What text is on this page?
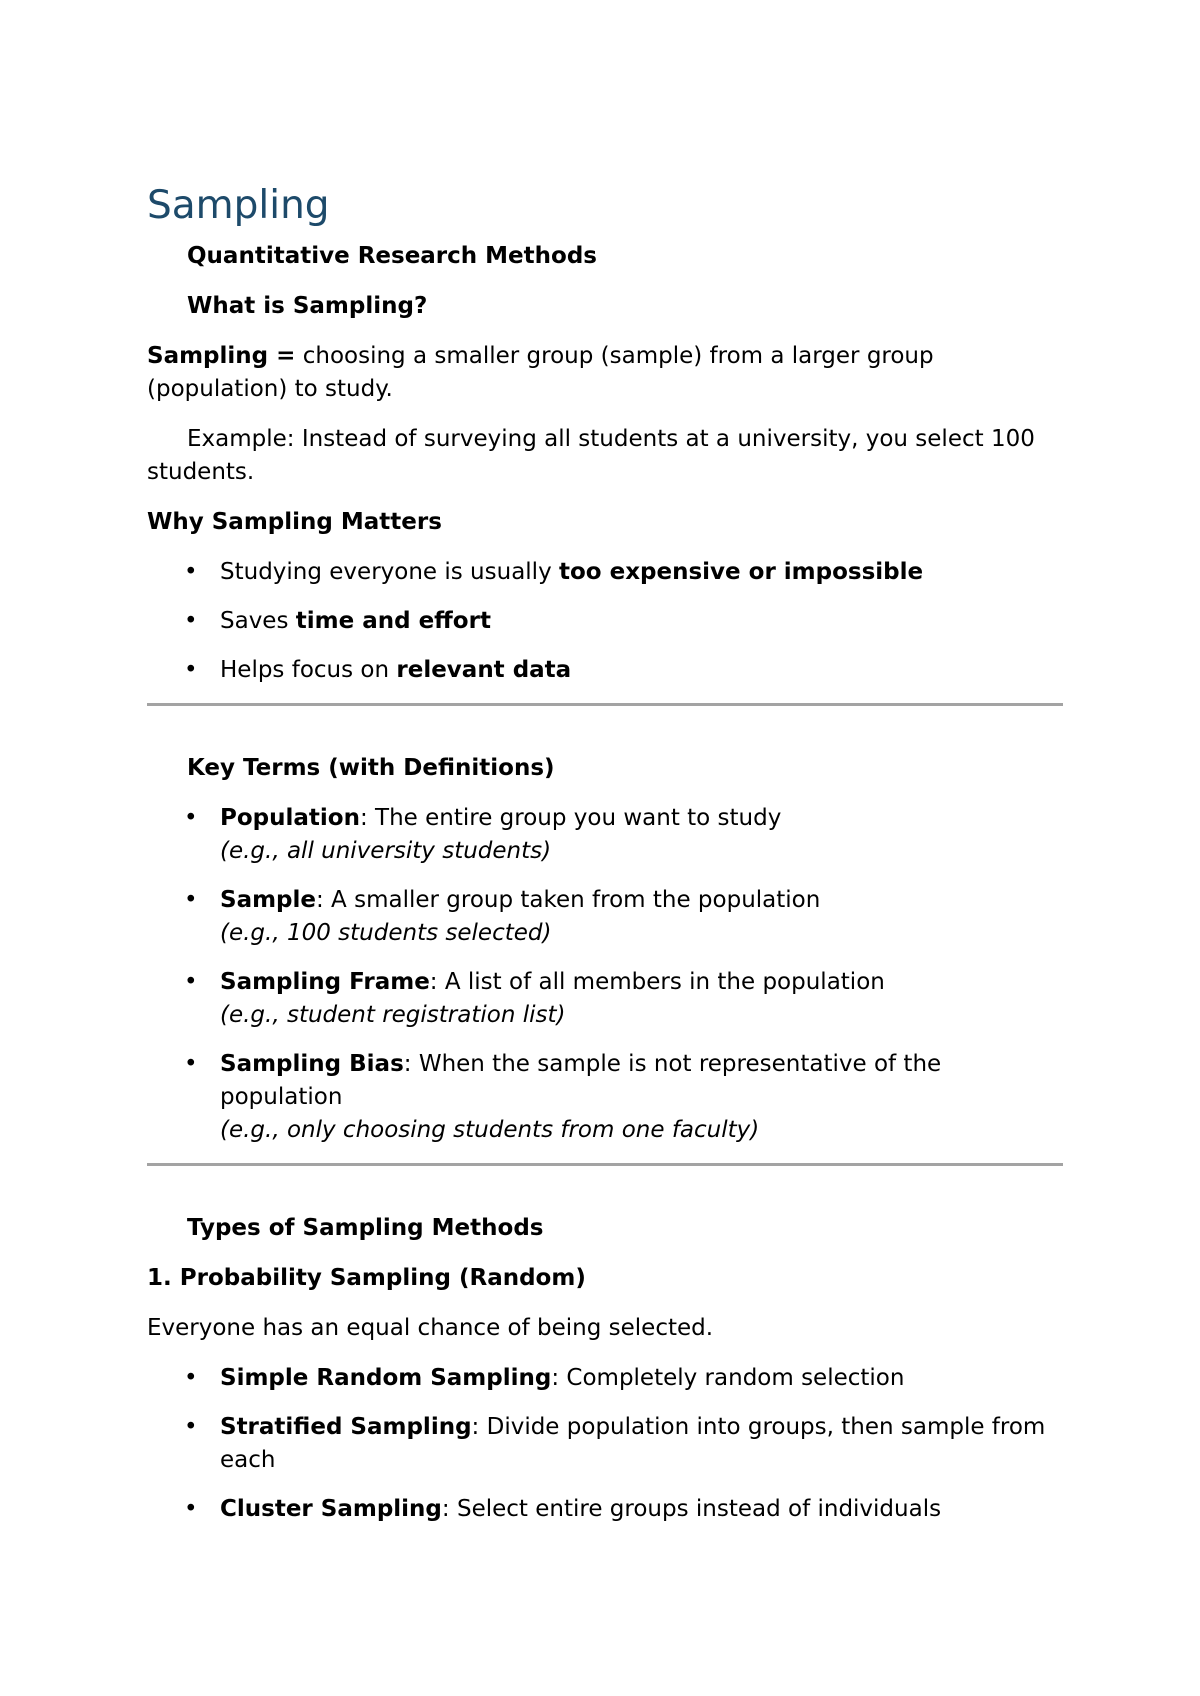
Sampling
Quantitative Research Methods
What is Sampling?
Sampling = choosing a smaller group (sample) from a larger group (population) to study.
Example: Instead of surveying all students at a university, you select 100 students.
Why Sampling Matters
• Studying everyone is usually too expensive or impossible
• Saves time and effort
• Helps focus on relevant data
Key Terms (with Definitions)
• Population: The entire group you want to study
(e.g., all university students)
• Sample: A smaller group taken from the population
(e.g., 100 students selected)
• Sampling Frame: A list of all members in the population
(e.g., student registration list)
• Sampling Bias: When the sample is not representative of the population
(e.g., only choosing students from one faculty)
Types of Sampling Methods
1. Probability Sampling (Random)
Everyone has an equal chance of being selected.
• Simple Random Sampling: Completely random selection
• Stratified Sampling: Divide population into groups, then sample from each
• Cluster Sampling: Select entire groups instead of individuals
